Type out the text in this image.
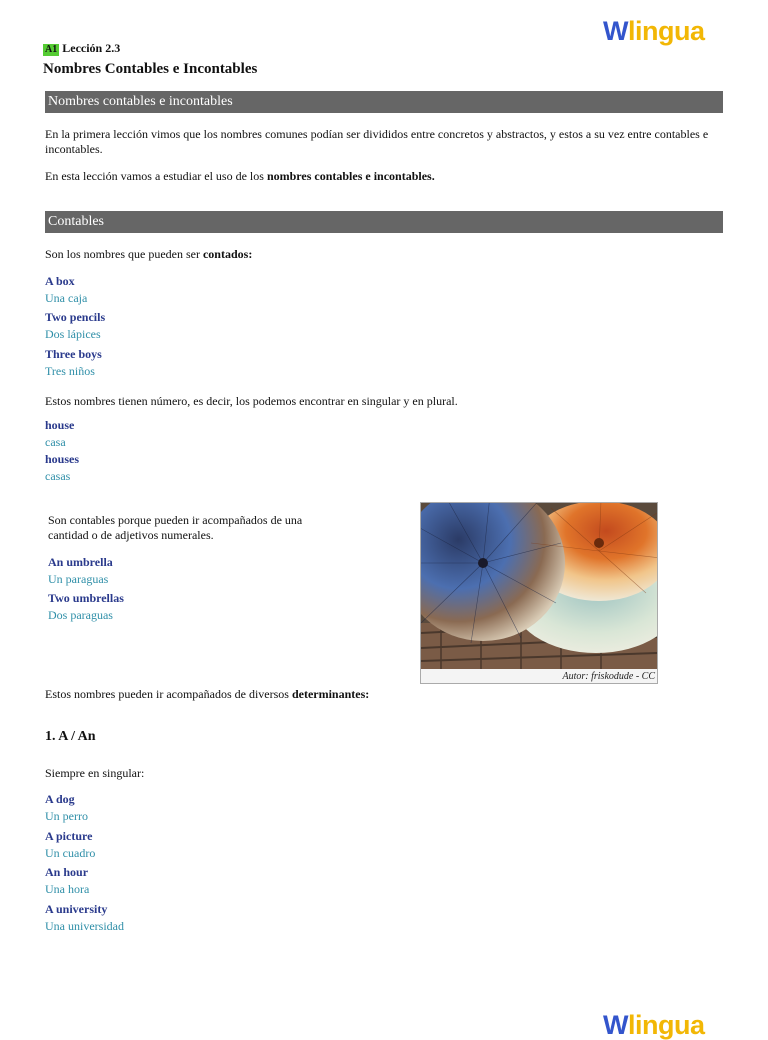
Wlingua
A1 Lección 2.3
Nombres Contables e Incontables
Nombres contables e incontables
En la primera lección vimos que los nombres comunes podían ser divididos entre concretos y abstractos, y estos a su vez entre contables e incontables.
En esta lección vamos a estudiar el uso de los nombres contables e incontables.
Contables
Son los nombres que pueden ser contados:
A box
Una caja
Two pencils
Dos lápices
Three boys
Tres niños
Estos nombres tienen número, es decir, los podemos encontrar en singular y en plural.
house
casa
houses
casas
Son contables porque pueden ir acompañados de una cantidad o de adjetivos numerales.
An umbrella
Un paraguas
Two umbrellas
Dos paraguas
Autor: friskodude - CC
Estos nombres pueden ir acompañados de diversos determinantes:
1. A / An
Siempre en singular:
A dog
Un perro
A picture
Un cuadro
An hour
Una hora
A university
Una universidad
Wlingua
